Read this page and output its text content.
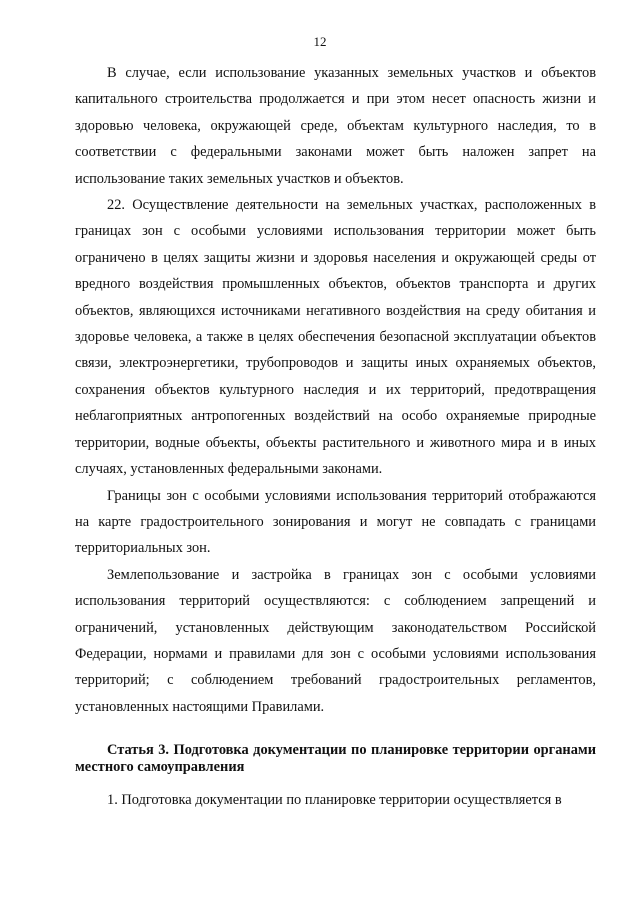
12

В случае, если использование указанных земельных участков и объектов капитального строительства продолжается и при этом несет опасность жизни и здоровью человека, окружающей среде, объектам культурного наследия, то в соответствии с федеральными законами может быть наложен запрет на использование таких земельных участков и объектов.

22. Осуществление деятельности на земельных участках, расположенных в границах зон с особыми условиями использования территории может быть ограничено в целях защиты жизни и здоровья населения и окружающей среды от вредного воздействия промышленных объектов, объектов транспорта и других объектов, являющихся источниками негативного воздействия на среду обитания и здоровье человека, а также в целях обеспечения безопасной эксплуатации объектов связи, электроэнергетики, трубопроводов и защиты иных охраняемых объектов, сохранения объектов культурного наследия и их территорий, предотвращения неблагоприятных антропогенных воздействий на особо охраняемые природные территории, водные объекты, объекты растительного и животного мира и в иных случаях, установленных федеральными законами.

Границы зон с особыми условиями использования территорий отображаются на карте градостроительного зонирования и могут не совпадать с границами территориальных зон.

Землепользование и застройка в границах зон с особыми условиями использования территорий осуществляются: с соблюдением запрещений и ограничений, установленных действующим законодательством Российской Федерации, нормами и правилами для зон с особыми условиями использования территорий; с соблюдением требований градостроительных регламентов, установленных настоящими Правилами.

Статья 3. Подготовка документации по планировке территории органами местного самоуправления

1. Подготовка документации по планировке территории осуществляется в
